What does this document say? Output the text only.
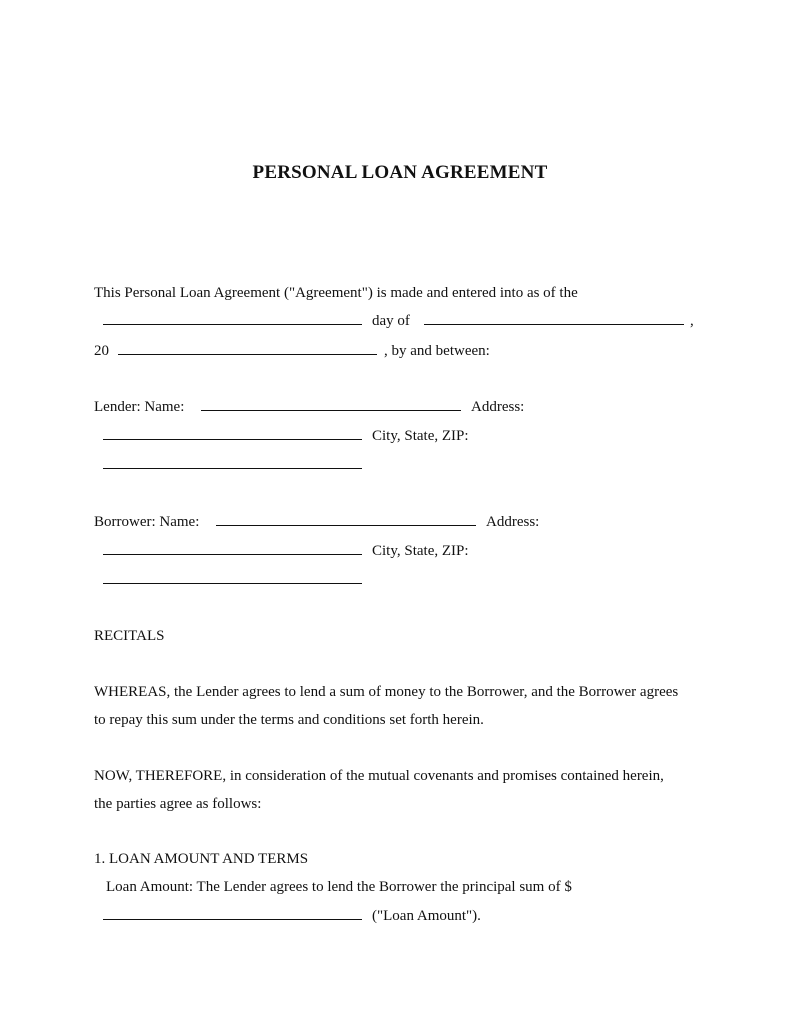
PERSONAL LOAN AGREEMENT
This Personal Loan Agreement ("Agreement") is made and entered into as of the
day of	,
20	, by and between:
Lender: Name:	Address:
City, State, ZIP:
Borrower: Name:	Address:
City, State, ZIP:
RECITALS
WHEREAS, the Lender agrees to lend a sum of money to the Borrower, and the Borrower agrees
to repay this sum under the terms and conditions set forth herein.
NOW, THEREFORE, in consideration of the mutual covenants and promises contained herein,
the parties agree as follows:
1. LOAN AMOUNT AND TERMS
Loan Amount: The Lender agrees to lend the Borrower the principal sum of $
("Loan Amount").
